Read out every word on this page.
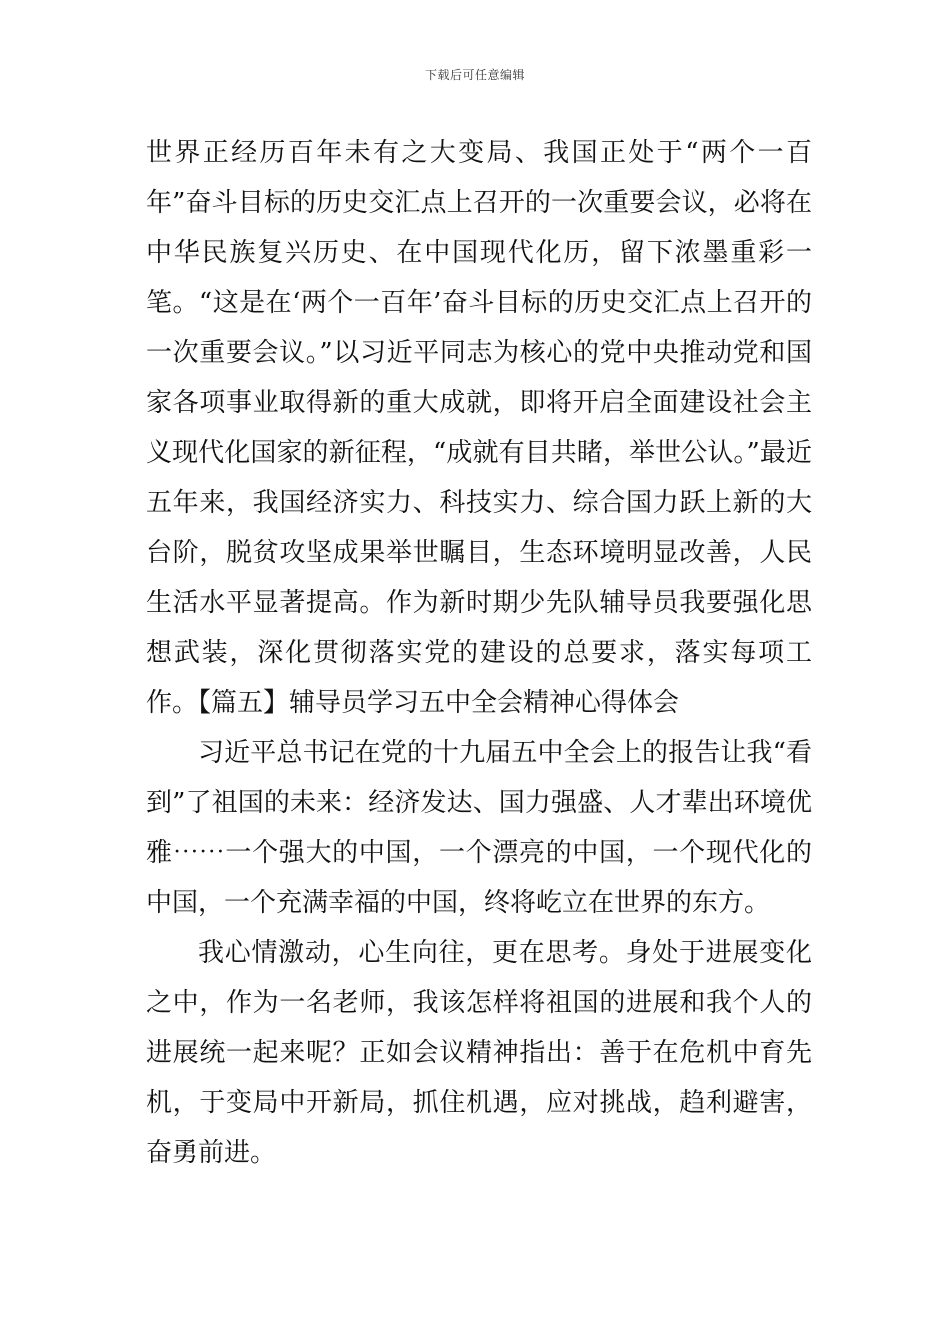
下载后可任意编辑

世界正经历百年未有之大变局、我国正处于“两个一百年”奋斗目标的历史交汇点上召开的一次重要会议，必将在中华民族复兴历史、在中国现代化历，留下浓墨重彩一笔。“这是在‘两个一百年’奋斗目标的历史交汇点上召开的一次重要会议。”以习近平同志为核心的党中央推动党和国家各项事业取得新的重大成就，即将开启全面建设社会主义现代化国家的新征程，“成就有目共睹，举世公认。”最近五年来，我国经济实力、科技实力、综合国力跃上新的大台阶，脱贫攻坚成果举世瞩目，生态环境明显改善，人民生活水平显著提高。作为新时期少先队辅导员我要强化思想武装，深化贯彻落实党的建设的总要求，落实每项工作。【篇五】辅导员学习五中全会精神心得体会

习近平总书记在党的十九届五中全会上的报告让我“看到”了祖国的未来：经济发达、国力强盛、人才辈出环境优雅⋯⋯一个强大的中国，一个漂亮的中国，一个现代化的中国，一个充满幸福的中国，终将屹立在世界的东方。

我心情激动，心生向往，更在思考。身处于进展变化之中，作为一名老师，我该怎样将祖国的进展和我个人的进展统一起来呢？正如会议精神指出：善于在危机中育先机，于变局中开新局，抓住机遇，应对挑战，趋利避害，奋勇前进。
